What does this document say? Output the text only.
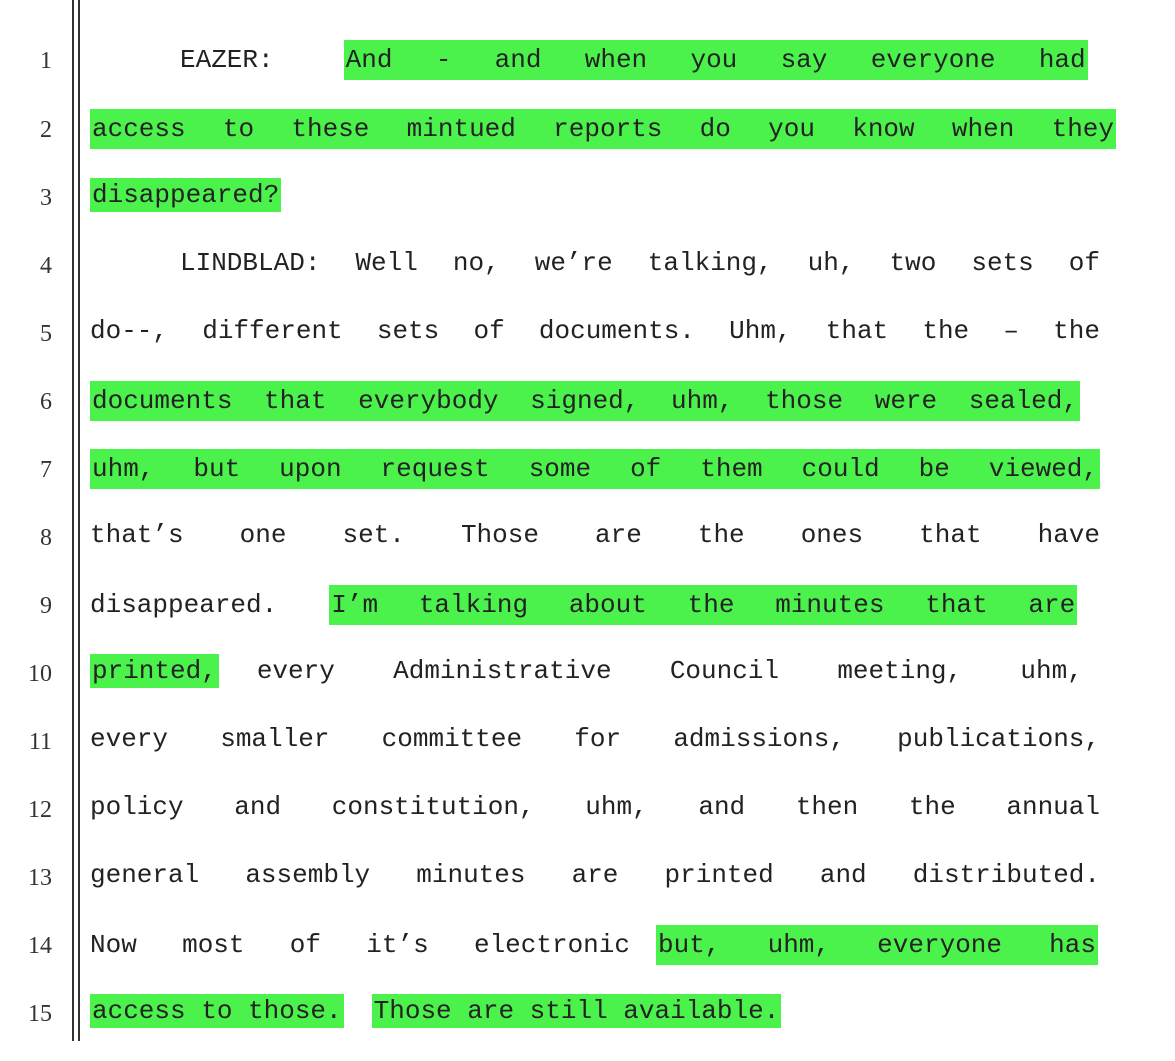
1	EAZER:	And - and when you say everyone had
2 access to these mintued reports do you know when they
3 disappeared?
4	LINDBLAD: Well no, we’re talking, uh, two sets of
5 do--, different sets of documents. Uhm, that the – the
6 documents that everybody signed, uhm, those were sealed,
7 uhm, but upon request some of them could be viewed,
8 that’s one set. Those are the ones that have
9 disappeared. I’m talking about the minutes that are
10 printed, every Administrative Council meeting, uhm,
11 every smaller committee for admissions, publications,
12 policy and constitution, uhm, and then the annual
13 general assembly minutes are printed and distributed.
14 Now most of it’s electronic but, uhm, everyone has
15 access to those. Those are still available.
